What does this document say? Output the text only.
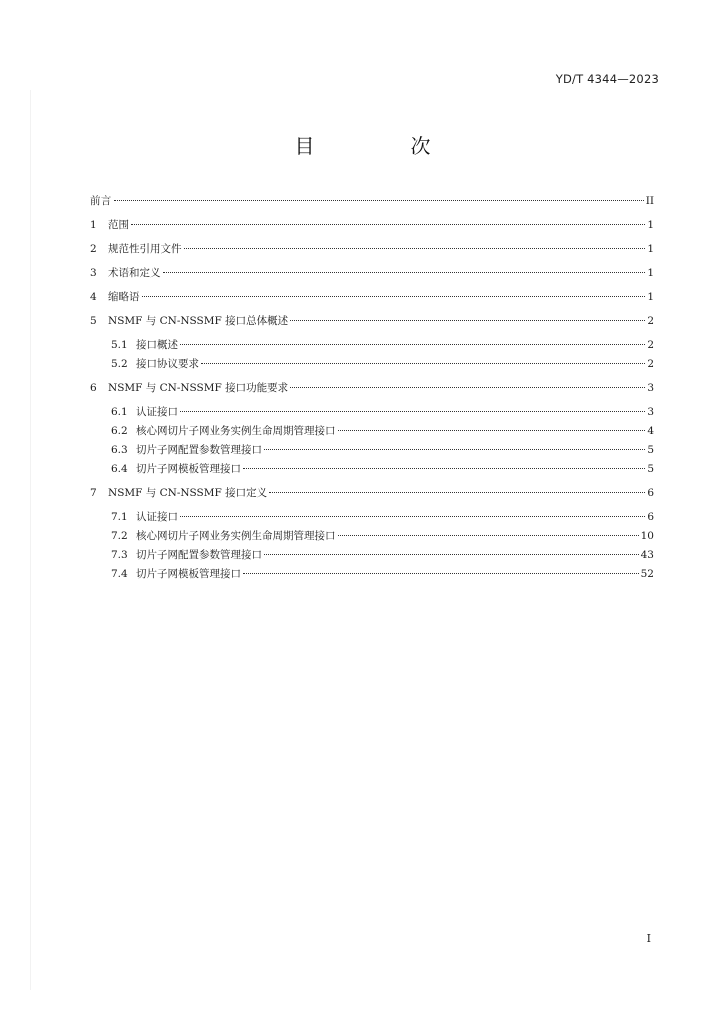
YD/T 4344—2023
目　次
前言	II
1	范围	1
2	规范性引用文件	1
3	术语和定义	1
4	缩略语	1
5	NSMF 与 CN-NSSMF 接口总体概述	2
5.1 接口概述	2
5.2 接口协议要求	2
6	NSMF 与 CN-NSSMF 接口功能要求	3
6.1 认证接口	3
6.2 核心网切片子网业务实例生命周期管理接口	4
6.3 切片子网配置参数管理接口	5
6.4 切片子网模板管理接口	5
7	NSMF 与 CN-NSSMF 接口定义	6
7.1 认证接口	6
7.2 核心网切片子网业务实例生命周期管理接口	10
7.3 切片子网配置参数管理接口	43
7.4 切片子网模板管理接口	52
I
